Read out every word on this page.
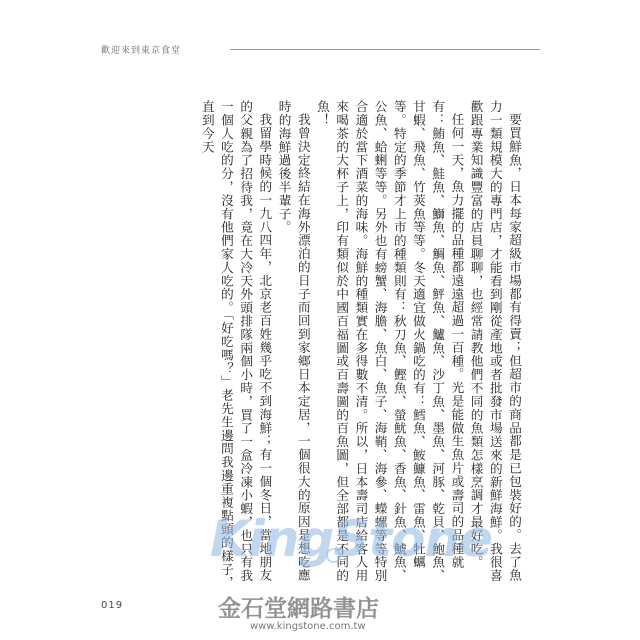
歡迎來到東京食堂

要買鮮魚，日本每家超級市場都有得賣；但超市的商品都是已包裝好的。去了魚力一類規模大的專門店，才能看到剛從產地或者批發市場送來的新鮮海鮮。我很喜歡跟專業知識豐富的店員聊聊，也經常請教他們不同的魚類怎樣烹調才最好吃。

任何一天，魚力擺的品種都遠遠超過一百種。光是能做生魚片或壽司的品種就有：鮪魚、鮭魚、鰤魚、鯛魚、鮃魚、鱸魚、沙丁魚、墨魚、河豚、乾貝、鮑魚、甘蝦、飛魚、竹莢魚等等。冬天適宜做火鍋吃的有：鱈魚、鮟鱇魚、雷魚、牡蠣等。特定的季節才上市的種類則有：秋刀魚、鰹魚、螢魷魚、香魚、針魚、鯱魚、公魚、蛤蜊等等。另外也有螃蟹、海膽、魚白、魚子、海鞘、海參、蠑螺等等特別合適於當下酒菜的海味。海鮮的種類實在多得數不清。所以，日本壽司店給客人用來喝茶的大杯子上，印有類似於中國百福圖或百壽圖的百魚圖，但全部都是不同的魚！

我曾決定終結在海外漂泊的日子而回到家鄉日本定居，一個很大的原因是想吃應時的海鮮過後半輩子。

我留學時候的一九八四年，北京老百姓幾乎吃不到海鮮；有一個冬日，當地朋友的父親為了招待我，竟在大冷天外頭排隊兩個小時，買了一盒冷凍小蝦，也只有我一個人吃的分，沒有他們家人吃的。「好吃嗎？」老先生邊問我邊重複點頭的樣子，直到今天

019
KingStone
金石堂網路書店
www.kingstone.com.tw
